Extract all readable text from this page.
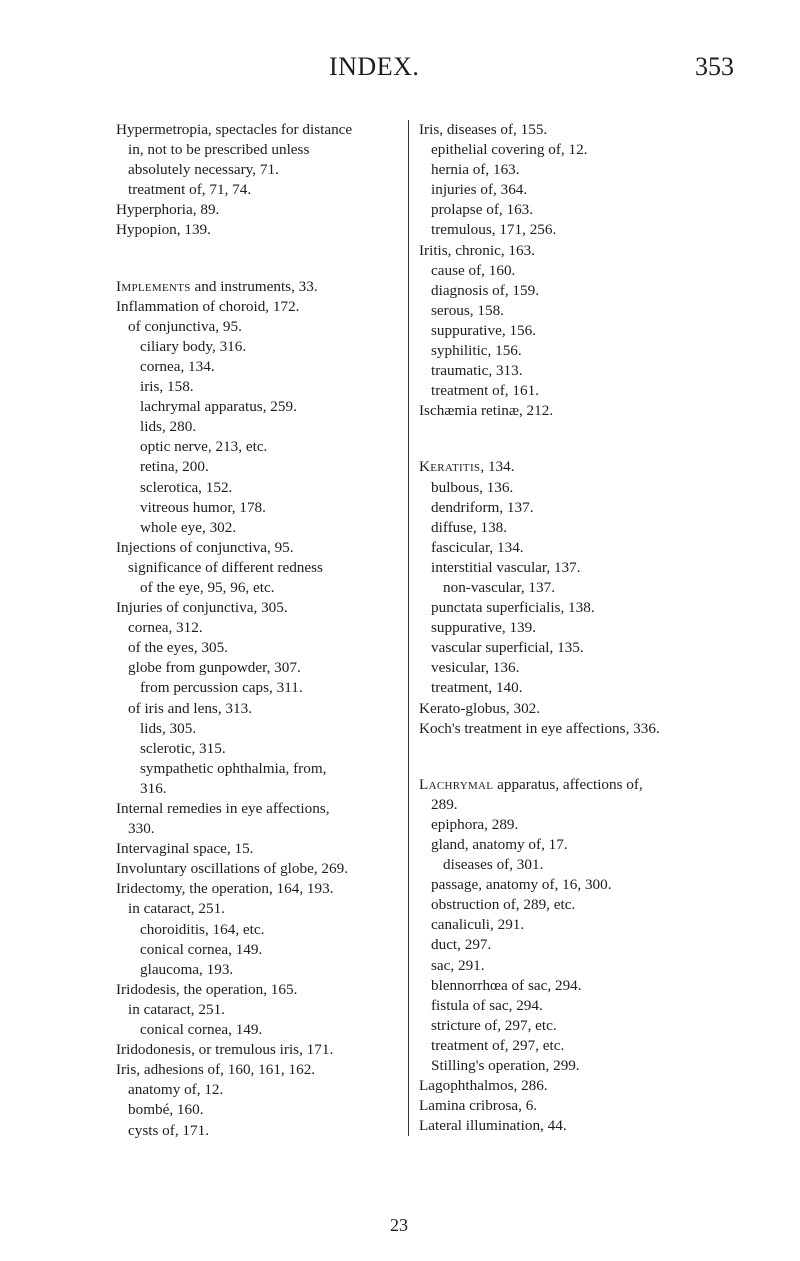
INDEX.	353
Hypermetropia, spectacles for distance
in, not to be prescribed unless
absolutely necessary, 71.
treatment of, 71, 74.
Hyperphoria, 89.
Hypopion, 139.
Implements and instruments, 33.
Inflammation of choroid, 172.
of conjunctiva, 95.
ciliary body, 316.
cornea, 134.
iris, 158.
lachrymal apparatus, 259.
lids, 280.
optic nerve, 213, etc.
retina, 200.
sclerotica, 152.
vitreous humor, 178.
whole eye, 302.
Injections of conjunctiva, 95.
significance of different redness
of the eye, 95, 96, etc.
Injuries of conjunctiva, 305.
cornea, 312.
of the eyes, 305.
globe from gunpowder, 307.
from percussion caps, 311.
of iris and lens, 313.
lids, 305.
sclerotic, 315.
sympathetic ophthalmia, from,
316.
Internal remedies in eye affections,
330.
Intervaginal space, 15.
Involuntary oscillations of globe, 269.
Iridectomy, the operation, 164, 193.
in cataract, 251.
choroiditis, 164, etc.
conical cornea, 149.
glaucoma, 193.
Iridodesis, the operation, 165.
in cataract, 251.
conical cornea, 149.
Iridodonesis, or tremulous iris, 171.
Iris, adhesions of, 160, 161, 162.
anatomy of, 12.
bombé, 160.
cysts of, 171.
Iris, diseases of, 155.
epithelial covering of, 12.
hernia of, 163.
injuries of, 364.
prolapse of, 163.
tremulous, 171, 256.
Iritis, chronic, 163.
cause of, 160.
diagnosis of, 159.
serous, 158.
suppurative, 156.
syphilitic, 156.
traumatic, 313.
treatment of, 161.
Ischæmia retinæ, 212.
Keratitis, 134.
bulbous, 136.
dendriform, 137.
diffuse, 138.
fascicular, 134.
interstitial vascular, 137.
non-vascular, 137.
punctata superficialis, 138.
suppurative, 139.
vascular superficial, 135.
vesicular, 136.
treatment, 140.
Kerato-globus, 302.
Koch's treatment in eye affections, 336.
Lachrymal apparatus, affections of,
289.
epiphora, 289.
gland, anatomy of, 17.
diseases of, 301.
passage, anatomy of, 16, 300.
obstruction of, 289, etc.
canaliculi, 291.
duct, 297.
sac, 291.
blennorrhœa of sac, 294.
fistula of sac, 294.
stricture of, 297, etc.
treatment of, 297, etc.
Stilling's operation, 299.
Lagophthalmos, 286.
Lamina cribrosa, 6.
Lateral illumination, 44.
23
